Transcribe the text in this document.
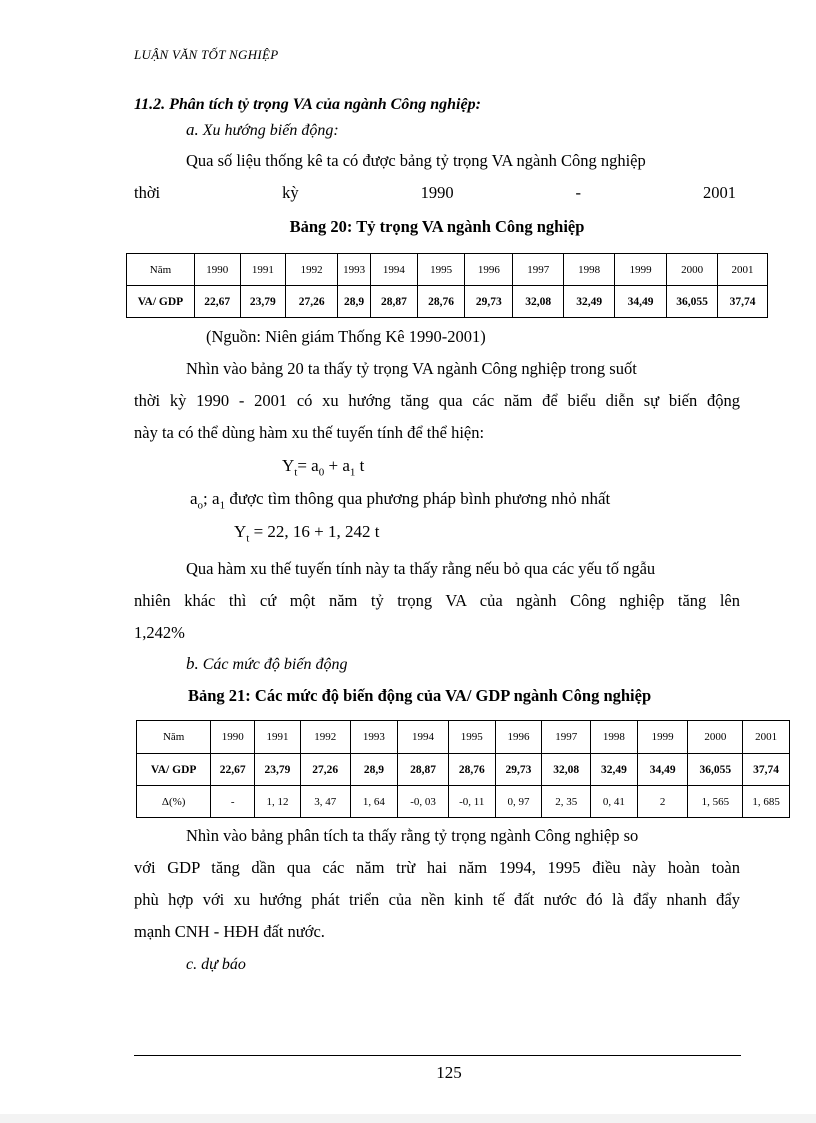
LUẬN VĂN TỐT NGHIỆP
11.2. Phân tích tỷ trọng VA của ngành Công nghiệp:
a. Xu hướng biến động:
Qua số liệu thống kê ta có được bảng tỷ trọng VA ngành Công nghiệp
thời	kỳ	1990	-	2001
Bảng 20: Tỷ trọng VA ngành Công nghiệp
Năm	1990	1991	1992	1993	1994	1995	1996	1997	1998	1999	2000	2001
VA/ GDP	22,67	23,79	27,26	28,9	28,87	28,76	29,73	32,08	32,49	34,49	36,055	37,74
(Nguồn: Niên giám Thống Kê 1990-2001)
Nhìn vào bảng 20 ta thấy tỷ trọng VA ngành Công nghiệp trong suốt
thời kỳ 1990 - 2001 có xu hướng tăng qua các năm để biểu diễn sự biến động
này ta có thể dùng hàm xu thế tuyến tính để thể hiện:
$Y_t= a_0 + a_1$ t
$a_o$; $a_1$ được tìm thông qua phương pháp bình phương nhỏ nhất
$Y_t = 22$, 16 + 1, 242 t
Qua hàm xu thế tuyến tính này ta thấy rằng nếu bỏ qua các yếu tố ngẫu
nhiên khác thì cứ một năm tỷ trọng VA của ngành Công nghiệp tăng lên
1,242%
b. Các mức độ biến động
Bảng 21: Các mức độ biến động của VA/ GDP ngành Công nghiệp
Năm	1990	1991	1992	1993	1994	1995	1996	1997	1998	1999	2000	2001
VA/ GDP	22,67	23,79	27,26	28,9	28,87	28,76	29,73	32,08	32,49	34,49	36,055	37,74
Δ(%)	-	1, 12	3, 47	1, 64	-0, 03	-0, 11	0, 97	2, 35	0, 41	2	1, 565	1, 685
Nhìn vào bảng phân tích ta thấy rằng tỷ trọng ngành Công nghiệp so
với GDP tăng dần qua các năm trừ hai năm 1994, 1995 điều này hoàn toàn
phù hợp với xu hướng phát triển của nền kinh tế đất nước đó là đẩy nhanh đẩy
mạnh CNH - HĐH đất nước.
c. dự báo
125
